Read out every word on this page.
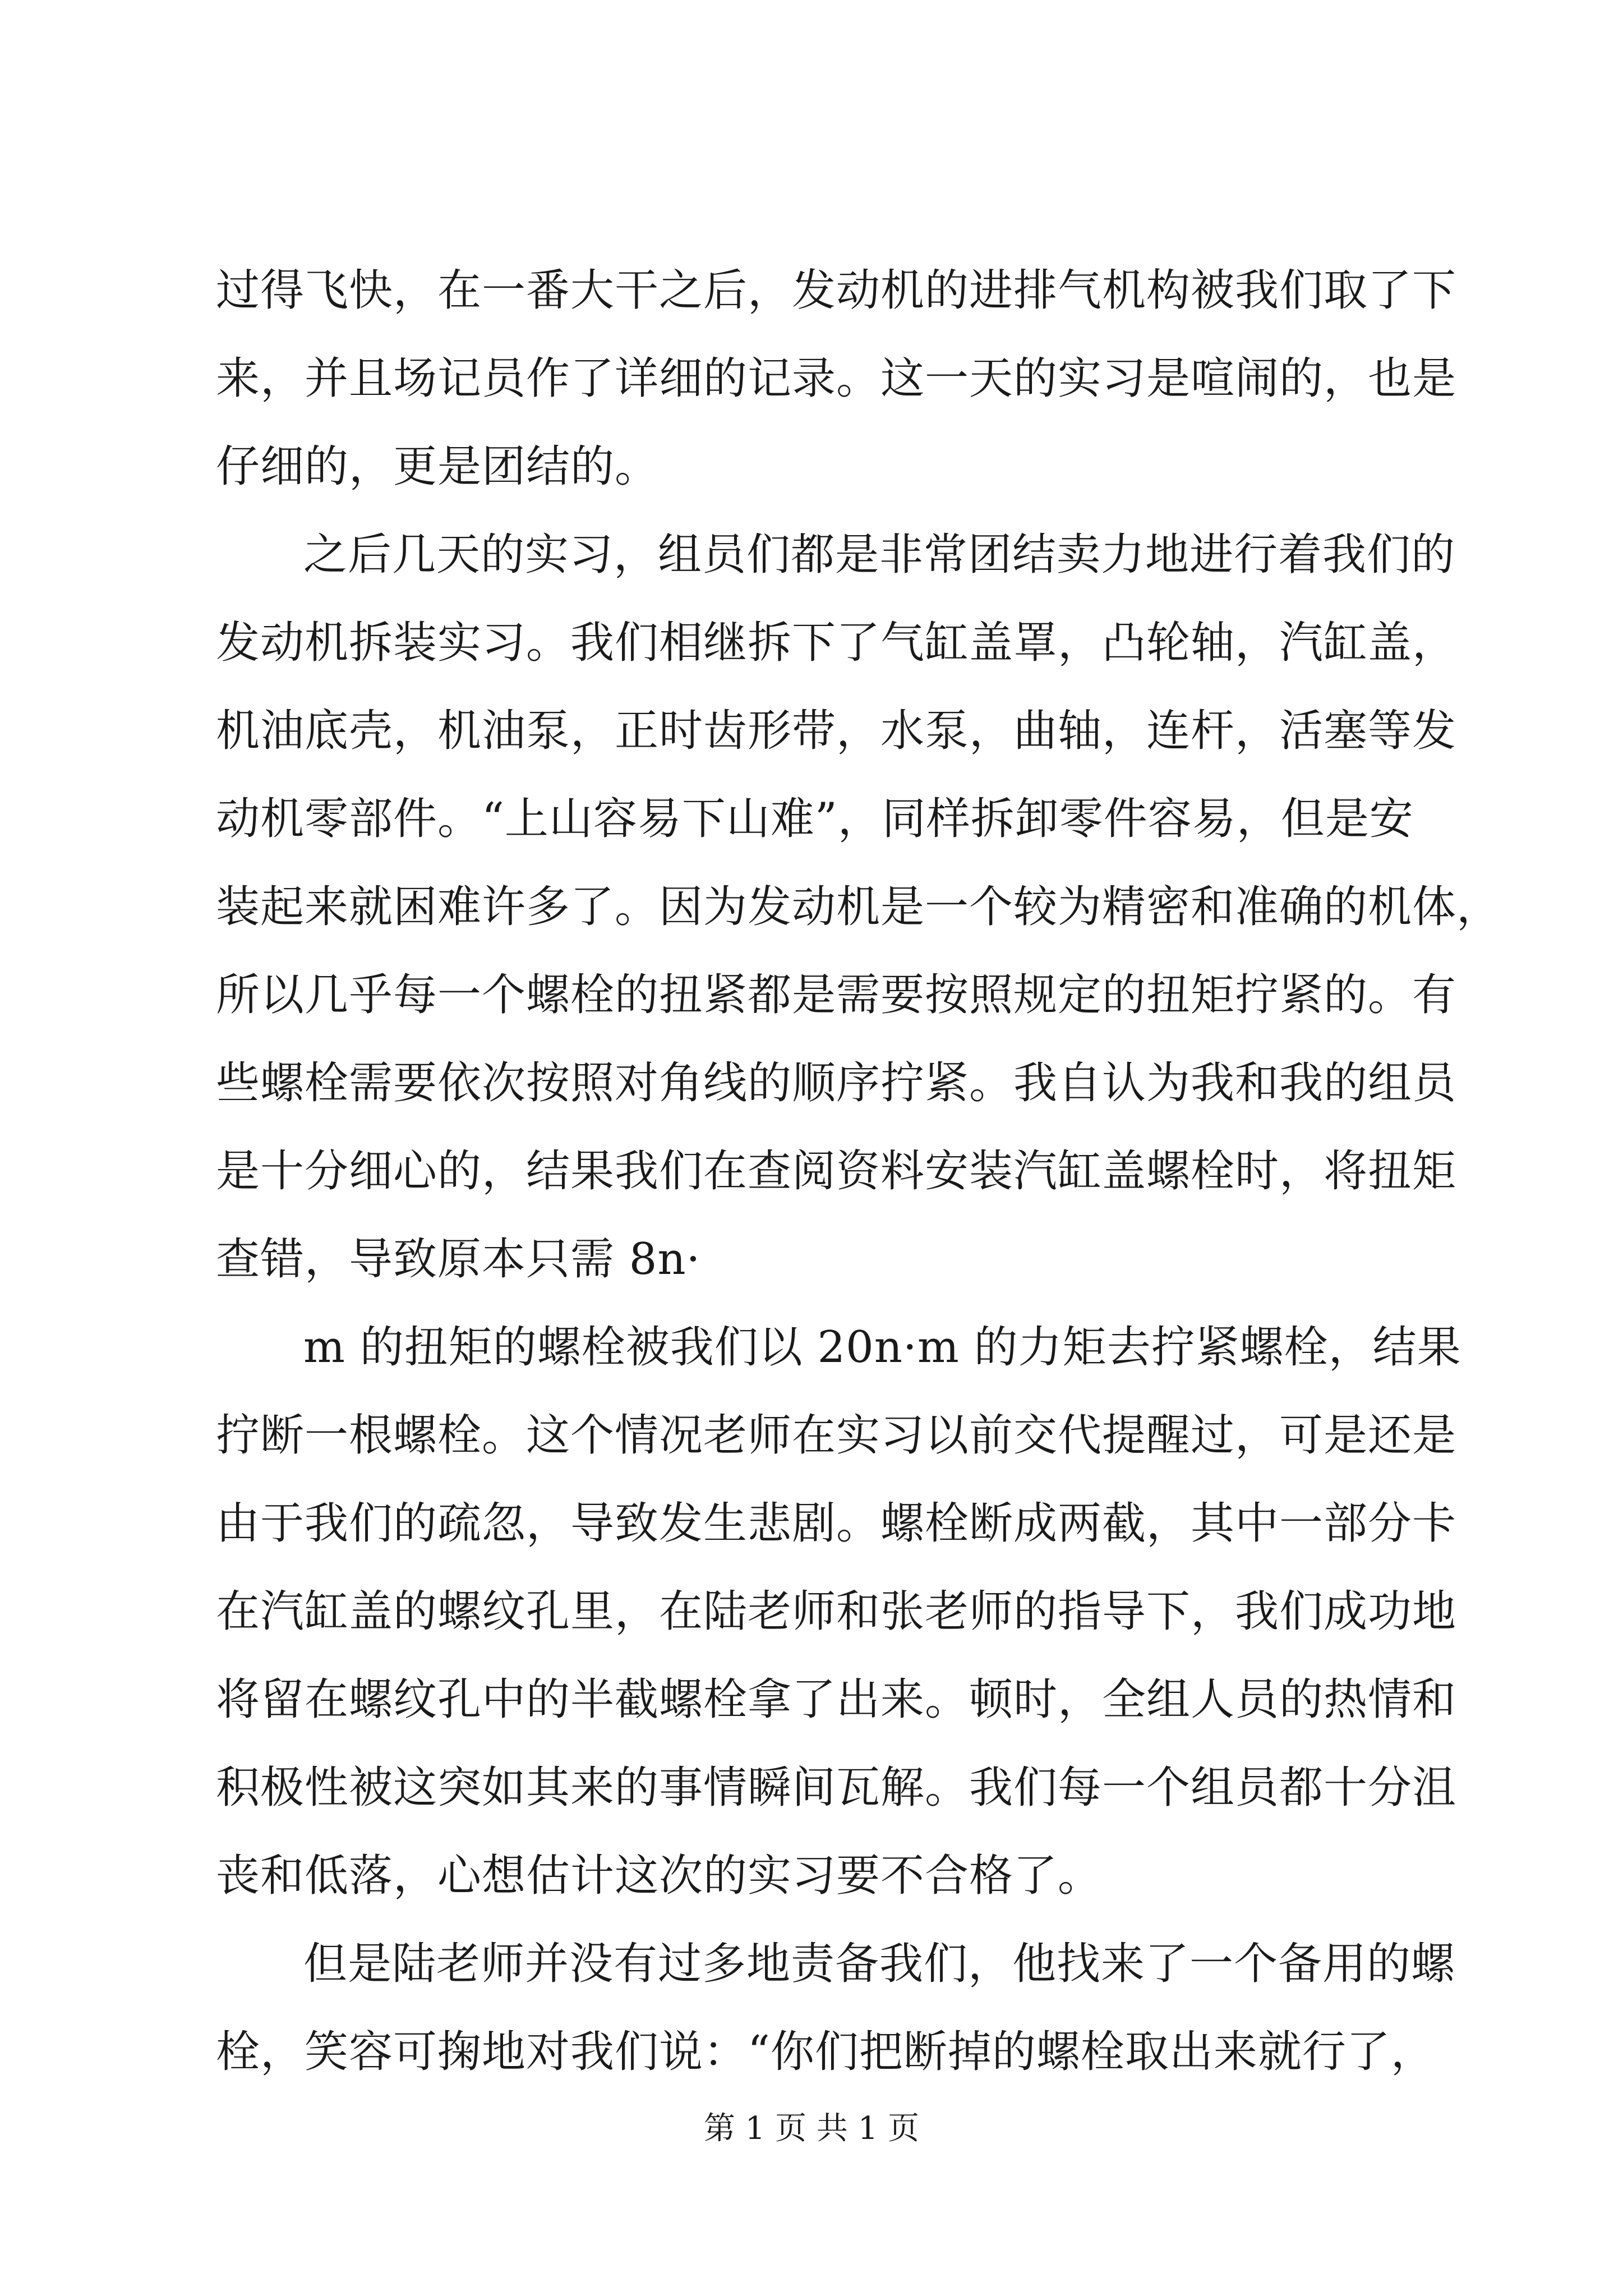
过得飞快，在一番大干之后，发动机的进排气机构被我们取了下
来，并且场记员作了详细的记录。这一天的实习是喧闹的，也是
仔细的，更是团结的。
之后几天的实习，组员们都是非常团结卖力地进行着我们的
发动机拆装实习。我们相继拆下了气缸盖罩，凸轮轴，汽缸盖，
机油底壳，机油泵，正时齿形带，水泵，曲轴，连杆，活塞等发
动机零部件。“上山容易下山难”，同样拆卸零件容易，但是安
装起来就困难许多了。因为发动机是一个较为精密和准确的机体，
所以几乎每一个螺栓的扭紧都是需要按照规定的扭矩拧紧的。有
些螺栓需要依次按照对角线的顺序拧紧。我自认为我和我的组员
是十分细心的，结果我们在查阅资料安装汽缸盖螺栓时，将扭矩
查错，导致原本只需 8n·
m 的扭矩的螺栓被我们以 20n·m 的力矩去拧紧螺栓，结果
拧断一根螺栓。这个情况老师在实习以前交代提醒过，可是还是
由于我们的疏忽，导致发生悲剧。螺栓断成两截，其中一部分卡
在汽缸盖的螺纹孔里，在陆老师和张老师的指导下，我们成功地
将留在螺纹孔中的半截螺栓拿了出来。顿时，全组人员的热情和
积极性被这突如其来的事情瞬间瓦解。我们每一个组员都十分沮
丧和低落，心想估计这次的实习要不合格了。
但是陆老师并没有过多地责备我们，他找来了一个备用的螺
栓，笑容可掬地对我们说：“你们把断掉的螺栓取出来就行了，
第 1 页 共 1 页
